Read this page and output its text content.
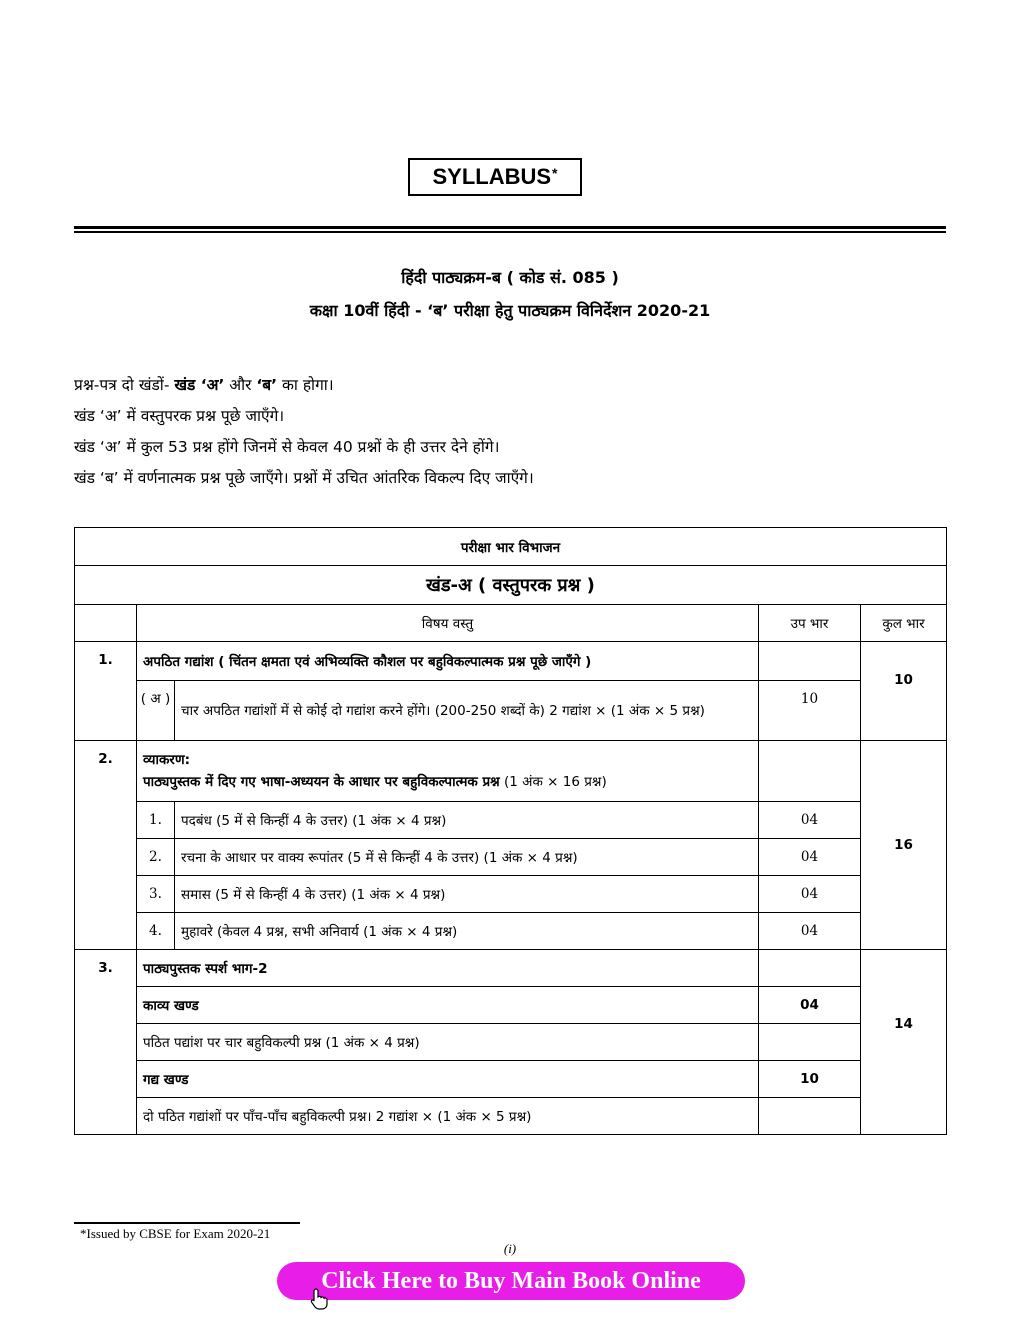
SYLLABUS*
हिंदी पाठ्यक्रम-ब ( कोड सं. 085 )
कक्षा 10वीं हिंदी - ‘ब’ परीक्षा हेतु पाठ्यक्रम विनिर्देशन 2020-21
प्रश्न-पत्र दो खंडों- खंड ‘अ’ और ‘ब’ का होगा।
खंड ‘अ’ में वस्तुपरक प्रश्न पूछे जाएँगे।
खंड ‘अ’ में कुल 53 प्रश्न होंगे जिनमें से केवल 40 प्रश्नों के ही उत्तर देने होंगे।
खंड ‘ब’ में वर्णनात्मक प्रश्न पूछे जाएँगे। प्रश्नों में उचित आंतरिक विकल्प दिए जाएँगे।
परीक्षा भार विभाजन				
खंड-अ ( वस्तुपरक प्रश्न )				
	विषय वस्तु		उप भार	कुल भार
1.	अपठित गद्यांश ( चिंतन क्षमता एवं अभिव्यक्ति कौशल पर बहुविकल्पात्मक प्रश्न पूछे जाएँगे )			10
	( अ )	चार अपठित गद्यांशों में से कोई दो गद्यांश करने होंगे। (200-250 शब्दों के) 2 गद्यांश × (1 अंक × 5 प्रश्न)	10	
2.	व्याकरण:
पाठ्यपुस्तक में दिए गए भाषा-अध्ययन के आधार पर बहुविकल्पात्मक प्रश्न (1 अंक × 16 प्रश्न)			16
	1.	पदबंध (5 में से किन्हीं 4 के उत्तर) (1 अंक × 4 प्रश्न)	04	
	2.	रचना के आधार पर वाक्य रूपांतर (5 में से किन्हीं 4 के उत्तर) (1 अंक × 4 प्रश्न)	04	
	3.	समास (5 में से किन्हीं 4 के उत्तर) (1 अंक × 4 प्रश्न)	04	
	4.	मुहावरे (केवल 4 प्रश्न, सभी अनिवार्य (1 अंक × 4 प्रश्न)	04	
3.	पाठ्यपुस्तक स्पर्श भाग-2			14
	काव्य खण्ड		04	
	पठित पद्यांश पर चार बहुविकल्पी प्रश्न (1 अंक × 4 प्रश्न)			
	गद्य खण्ड		10	
	दो पठित गद्यांशों पर पाँच-पाँच बहुविकल्पी प्रश्न। 2 गद्यांश × (1 अंक × 5 प्रश्न)			
*Issued by CBSE for Exam 2020-21
(i)
Click Here to Buy Main Book Online
